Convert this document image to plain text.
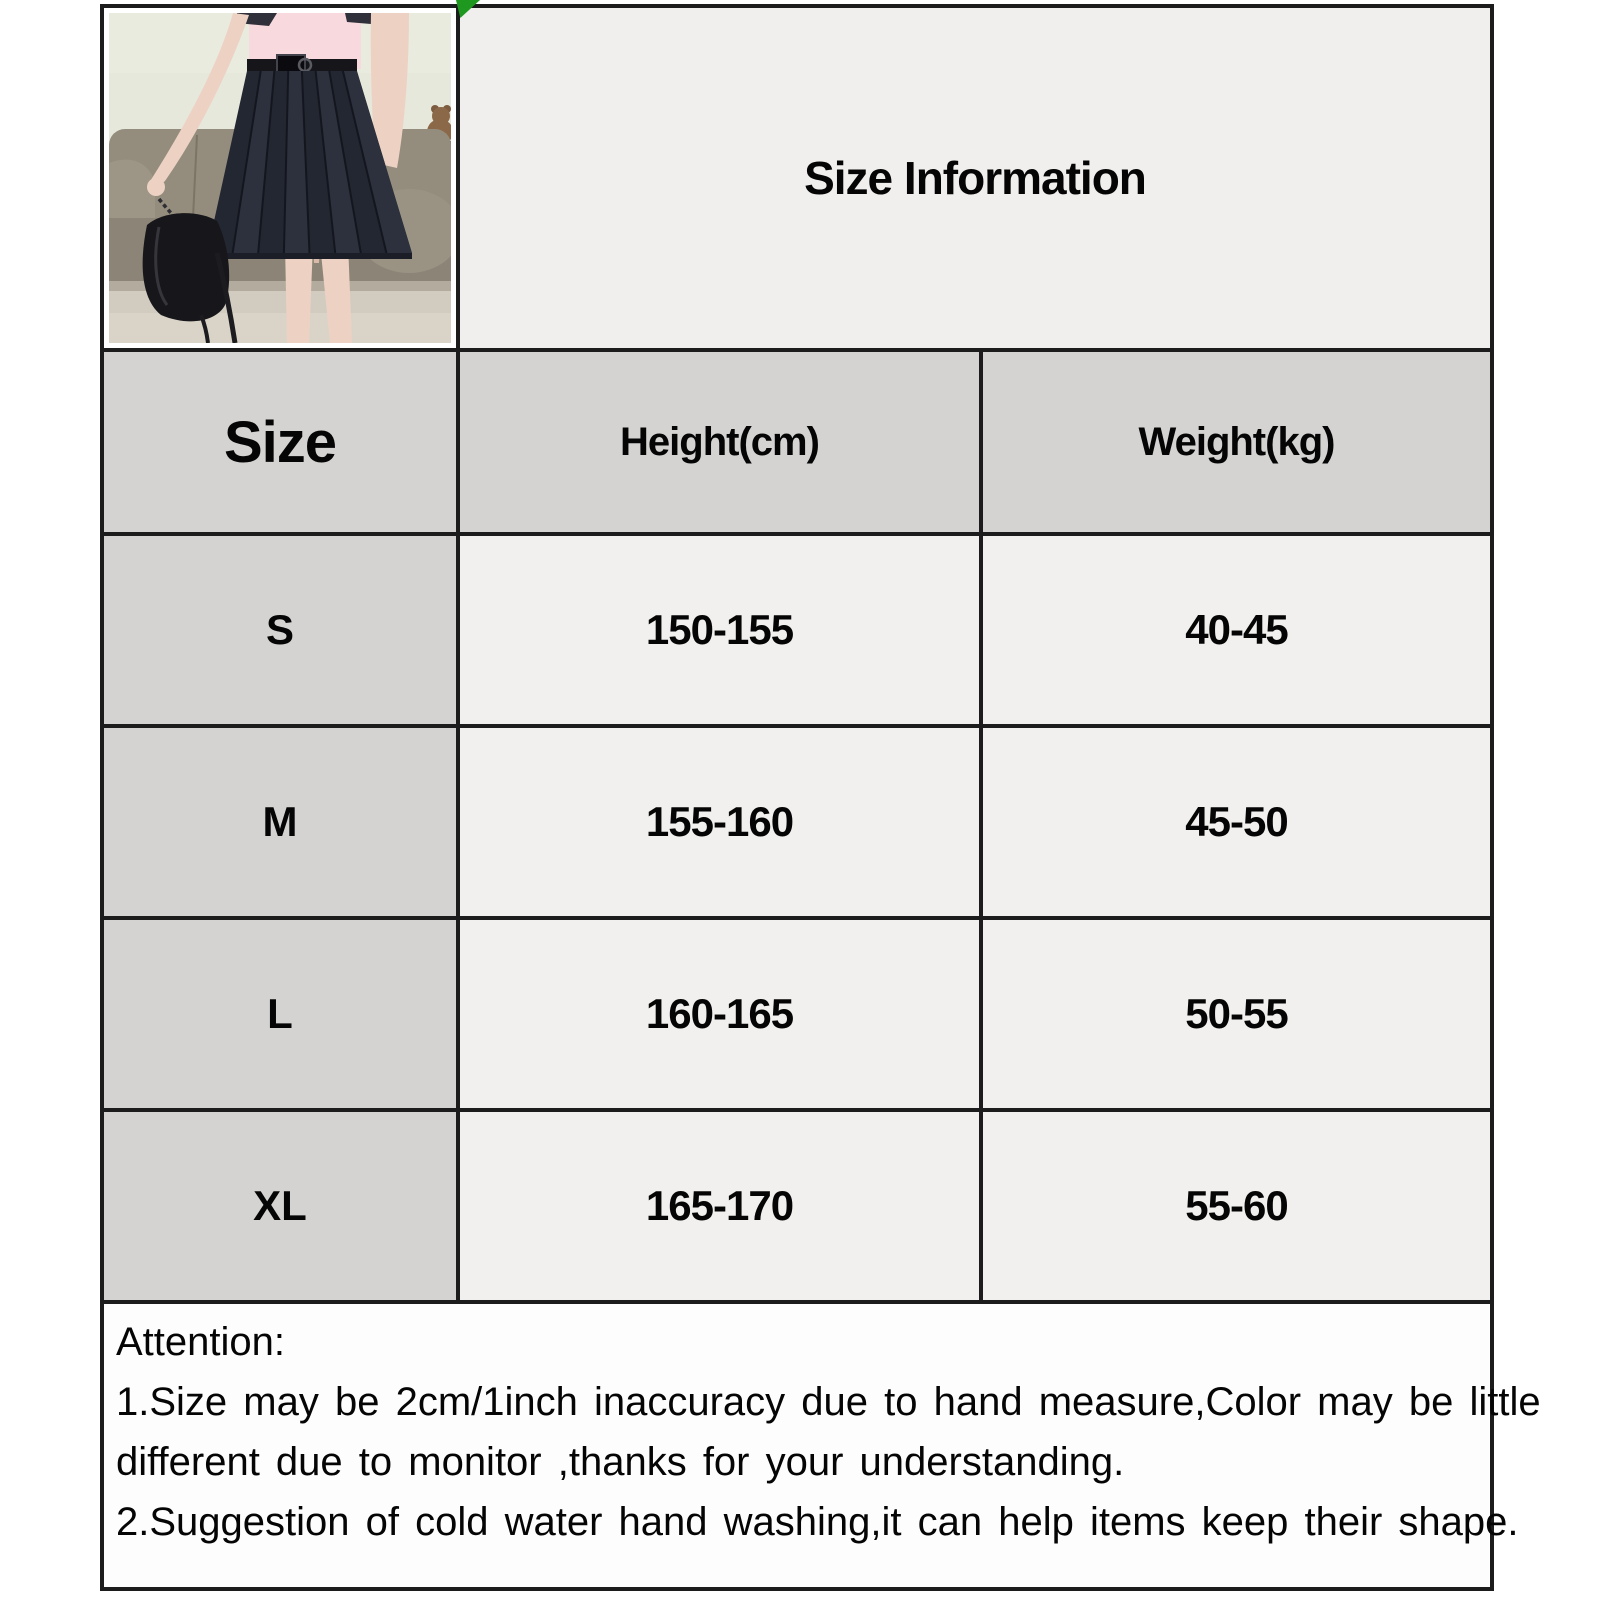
Size Information
Size	Height(cm)	Weight(kg)
S	150-155	40-45
M	155-160	45-50
L	160-165	50-55
XL	165-170	55-60
Attention:
1.Size may be 2cm/1inch inaccuracy due to hand measure,Color may be little
different due to monitor ,thanks for your understanding.
2.Suggestion of cold water hand washing,it can help items keep their shape.
